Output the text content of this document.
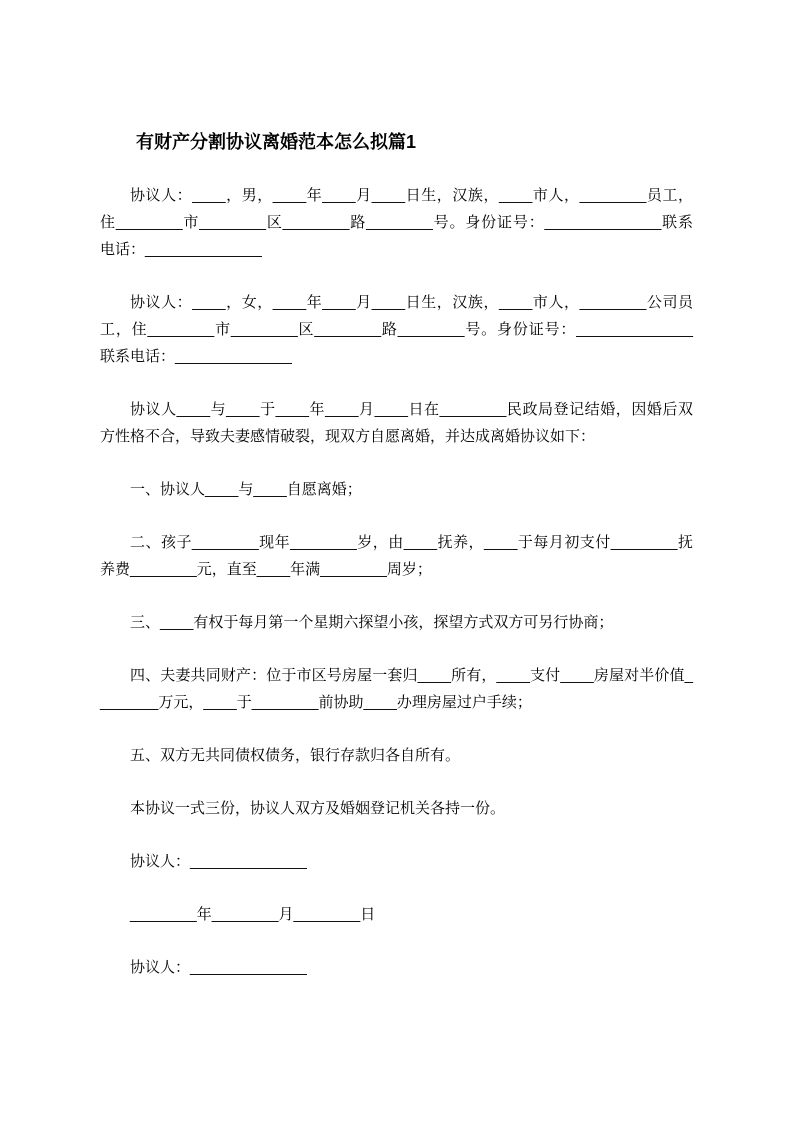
有财产分割协议离婚范本怎么拟篇1

协议人：____，男，____年____月____日生，汉族，____市人，________员工，住________市________区________路________号。身份证号：______________联系电话：______________

协议人：____，女，____年____月____日生，汉族，____市人，________公司员工，住________市________区________路________号。身份证号：______________联系电话：______________

协议人____与____于____年____月____日在________民政局登记结婚，因婚后双方性格不合，导致夫妻感情破裂，现双方自愿离婚，并达成离婚协议如下：

一、协议人____与____自愿离婚；

二、孩子________现年________岁，由____抚养，____于每月初支付________抚养费________元，直至____年满________周岁；

三、____有权于每月第一个星期六探望小孩，探望方式双方可另行协商；

四、夫妻共同财产：位于市区号房屋一套归____所有，____支付____房屋对半价值________万元，____于________前协助____办理房屋过户手续；

五、双方无共同债权债务，银行存款归各自所有。

本协议一式三份，协议人双方及婚姻登记机关各持一份。

协议人：______________

________年________月________日

协议人：______________
